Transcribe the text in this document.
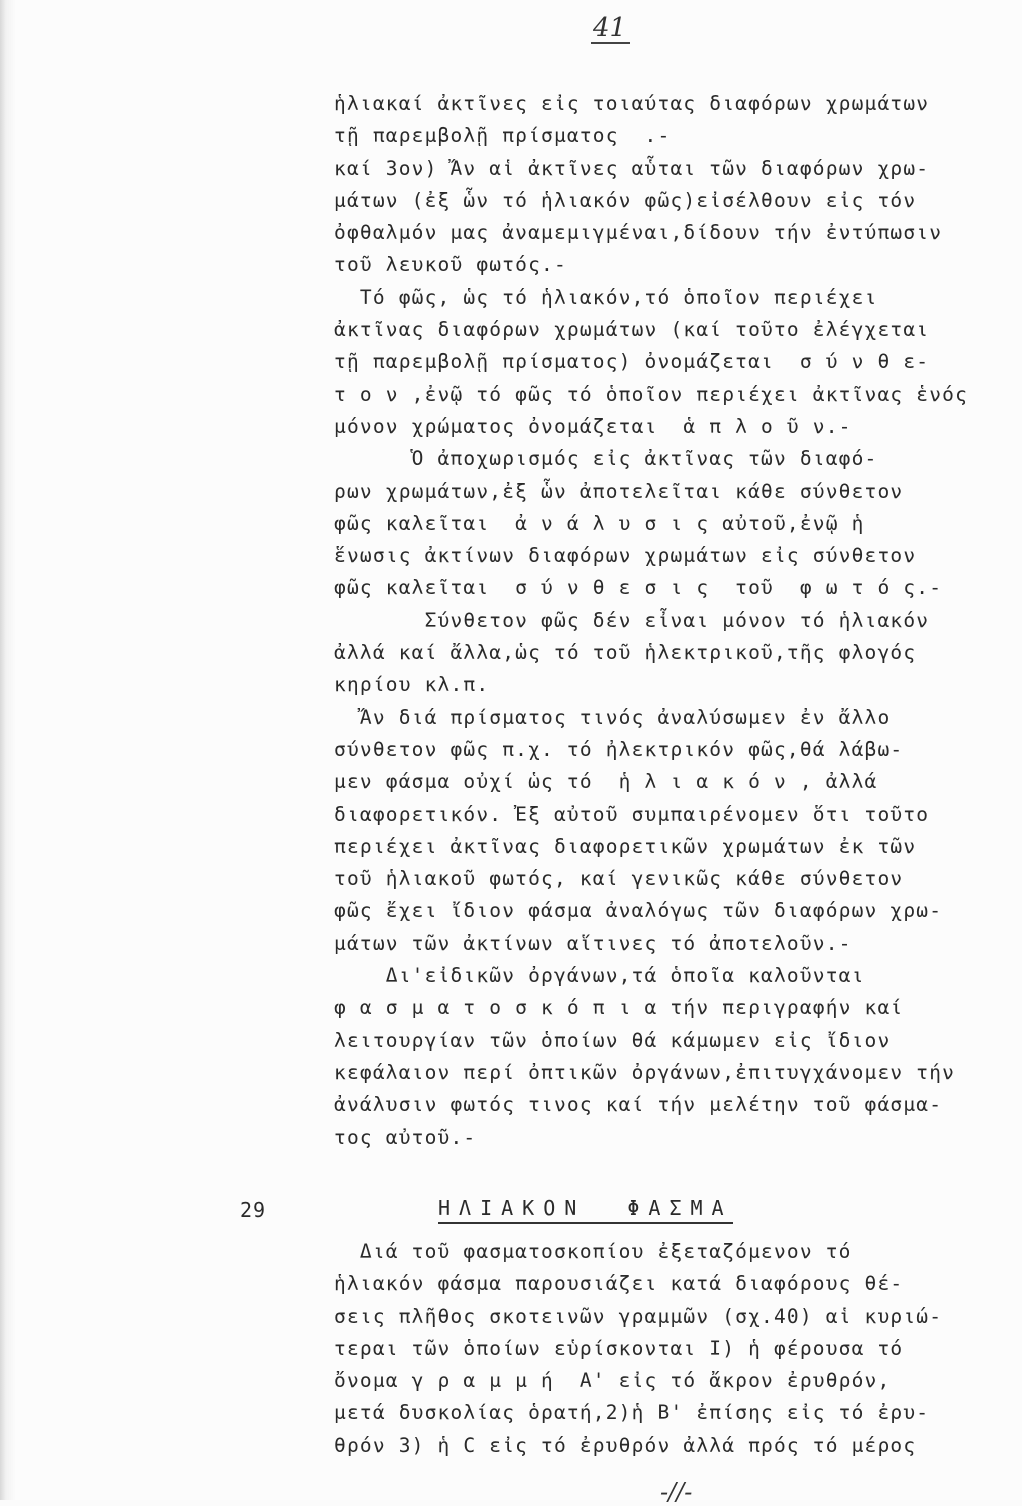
41
ἡλιακαί ἀκτῖνες εἰς τοιαύτας διαφόρων χρωμάτων
τῇ παρεμβολῇ πρίσματος  .-
καί 3ον) Ἄν αἱ ἀκτῖνες αὗται τῶν διαφόρων χρω-
μάτων (ἐξ ὧν τό ἡλιακόν φῶς)εἰσέλθουν εἰς τόν
ὀφθαλμόν μας ἀναμεμιγμέναι,δίδουν τήν ἐντύπωσιν
τοῦ λευκοῦ φωτός.-
Τό φῶς, ὡς τό ἡλιακόν,τό ὁποῖον περιέχει
ἀκτῖνας διαφόρων χρωμάτων (καί τοῦτο ἐλέγχεται
τῇ παρεμβολῇ πρίσματος) ὀνομάζεται  σ ύ ν θ ε-
τ ο ν ,ἐνῷ τό φῶς τό ὁποῖον περιέχει ἀκτῖνας ἑνός
μόνον χρώματος ὀνομάζεται  ἁ π λ ο ῦ ν.-
Ὁ ἀποχωρισμός εἰς ἀκτῖνας τῶν διαφό-
ρων χρωμάτων,ἐξ ὧν ἀποτελεῖται κάθε σύνθετον
φῶς καλεῖται  ἀ ν ά λ υ σ ι ς αὐτοῦ,ἐνῷ ἡ
ἕνωσις ἀκτίνων διαφόρων χρωμάτων εἰς σύνθετον
φῶς καλεῖται  σ ύ ν θ ε σ ι ς  τοῦ  φ ω τ ό ς.-
Σύνθετον φῶς δέν εἶναι μόνον τό ἡλιακόν
ἀλλά καί ἄλλα,ὡς τό τοῦ ἡλεκτρικοῦ,τῆς φλογός
κηρίου κλ.π.
Ἄν διά πρίσματος τινός ἀναλύσωμεν ἐν ἄλλο
σύνθετον φῶς π.χ. τό ἠλεκτρικόν φῶς,θά λάβω-
μεν φάσμα οὐχί ὡς τό  ἡ λ ι α κ ό ν , ἀλλά
διαφορετικόν. Ἐξ αὐτοῦ συμπαιρένομεν ὅτι τοῦτο
περιέχει ἀκτῖνας διαφορετικῶν χρωμάτων ἐκ τῶν
τοῦ ἡλιακοῦ φωτός, καί γενικῶς κάθε σύνθετον
φῶς ἔχει ἴδιον φάσμα ἀναλόγως τῶν διαφόρων χρω-
μάτων τῶν ἀκτίνων αἵτινες τό ἀποτελοῦν.-
Δι'εἰδικῶν ὀργάνων,τά ὁποῖα καλοῦνται
φ α σ μ α τ ο σ κ ό π ι α τήν περιγραφήν καί
λειτουργίαν τῶν ὁποίων θά κάμωμεν εἰς ἴδιον
κεφάλαιον περί ὀπτικῶν ὀργάνων,ἐπιτυγχάνομεν τήν
ἀνάλυσιν φωτός τινος καί τήν μελέτην τοῦ φάσμα-
τος αὐτοῦ.-
29	ΗΛΙΑΚΟΝ  ΦΑΣΜΑ
Διά τοῦ φασματοσκοπίου ἐξεταζόμενον τό
ἡλιακόν φάσμα παρουσιάζει κατά διαφόρους θέ-
σεις πλῆθος σκοτεινῶν γραμμῶν (σχ.40) αἱ κυριώ-
τεραι τῶν ὁποίων εὑρίσκονται Ι) ἡ φέρουσα τό
ὄνομα γ ρ α μ μ ή  Α' εἰς τό ἄκρον ἐρυθρόν,
μετά δυσκολίας ὁρατή,2)ἡ Β' ἐπίσης εἰς τό ἐρυ-
θρόν 3) ἡ C εἰς τό ἐρυθρόν ἀλλά πρός τό μέρος
-//-
